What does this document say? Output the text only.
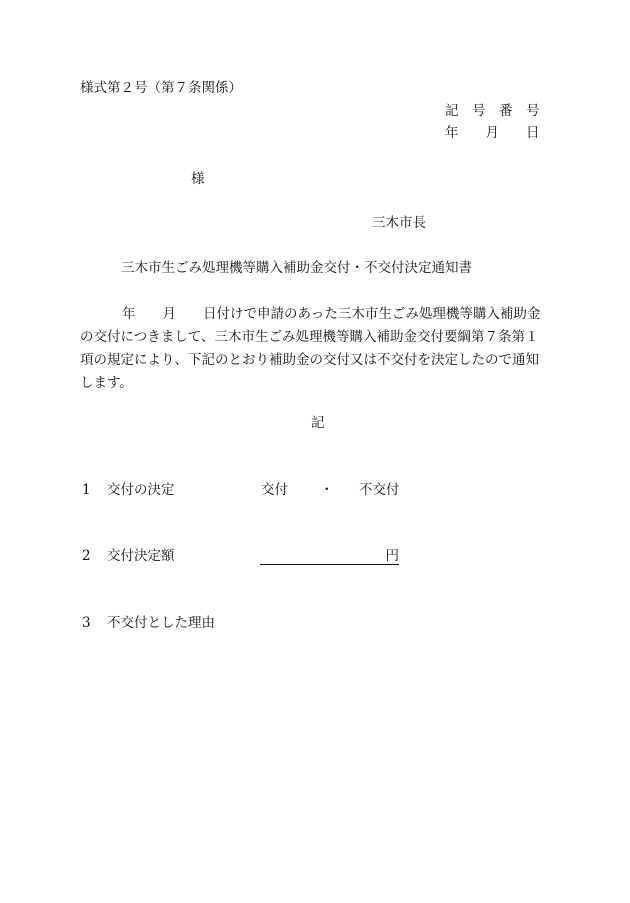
様式第２号（第７条関係）
記　号　番　号
年　　月　　日
様
三木市長
三木市生ごみ処理機等購入補助金交付・不交付決定通知書
年　　月　　日付けで申請のあった三木市生ごみ処理機等購入補助金
の交付につきまして、三木市生ごみ処理機等購入補助金交付要綱第７条第１
項の規定により、下記のとおり補助金の交付又は不交付を決定したので通知
します。
記
1 交付の決定	交付 ・ 不交付
2 交付決定額	円
3 不交付とした理由
